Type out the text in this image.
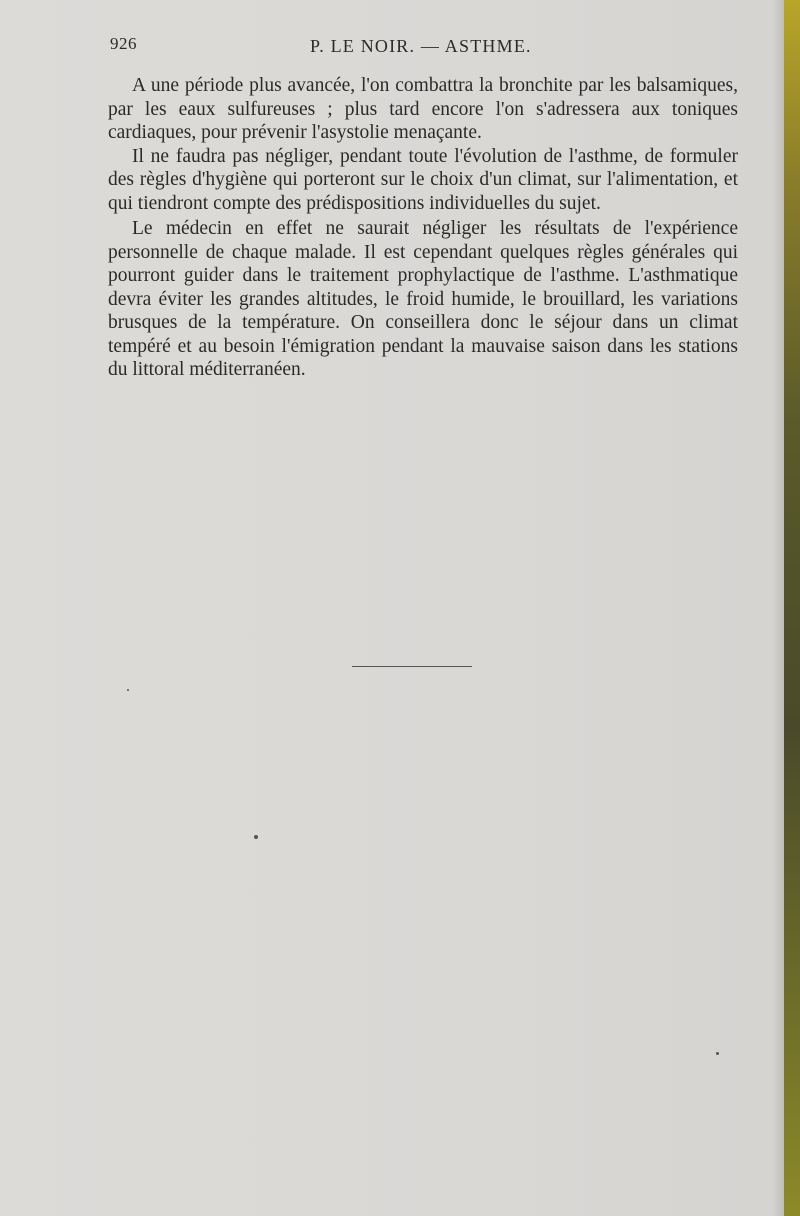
926	P. LE NOIR. — ASTHME.

A une période plus avancée, l'on combattra la bronchite par les balsamiques, par les eaux sulfureuses ; plus tard encore l'on s'adressera aux toniques cardiaques, pour prévenir l'asystolie menaçante.

Il ne faudra pas négliger, pendant toute l'évolution de l'asthme, de formuler des règles d'hygiène qui porteront sur le choix d'un climat, sur l'alimentation, et qui tiendront compte des prédispositions individuelles du sujet.

Le médecin en effet ne saurait négliger les résultats de l'expérience personnelle de chaque malade. Il est cependant quelques règles générales qui pourront guider dans le traitement prophylactique de l'asthme. L'asthmatique devra éviter les grandes altitudes, le froid humide, le brouillard, les variations brusques de la température. On conseillera donc le séjour dans un climat tempéré et au besoin l'émigration pendant la mauvaise saison dans les stations du littoral méditerranéen.
